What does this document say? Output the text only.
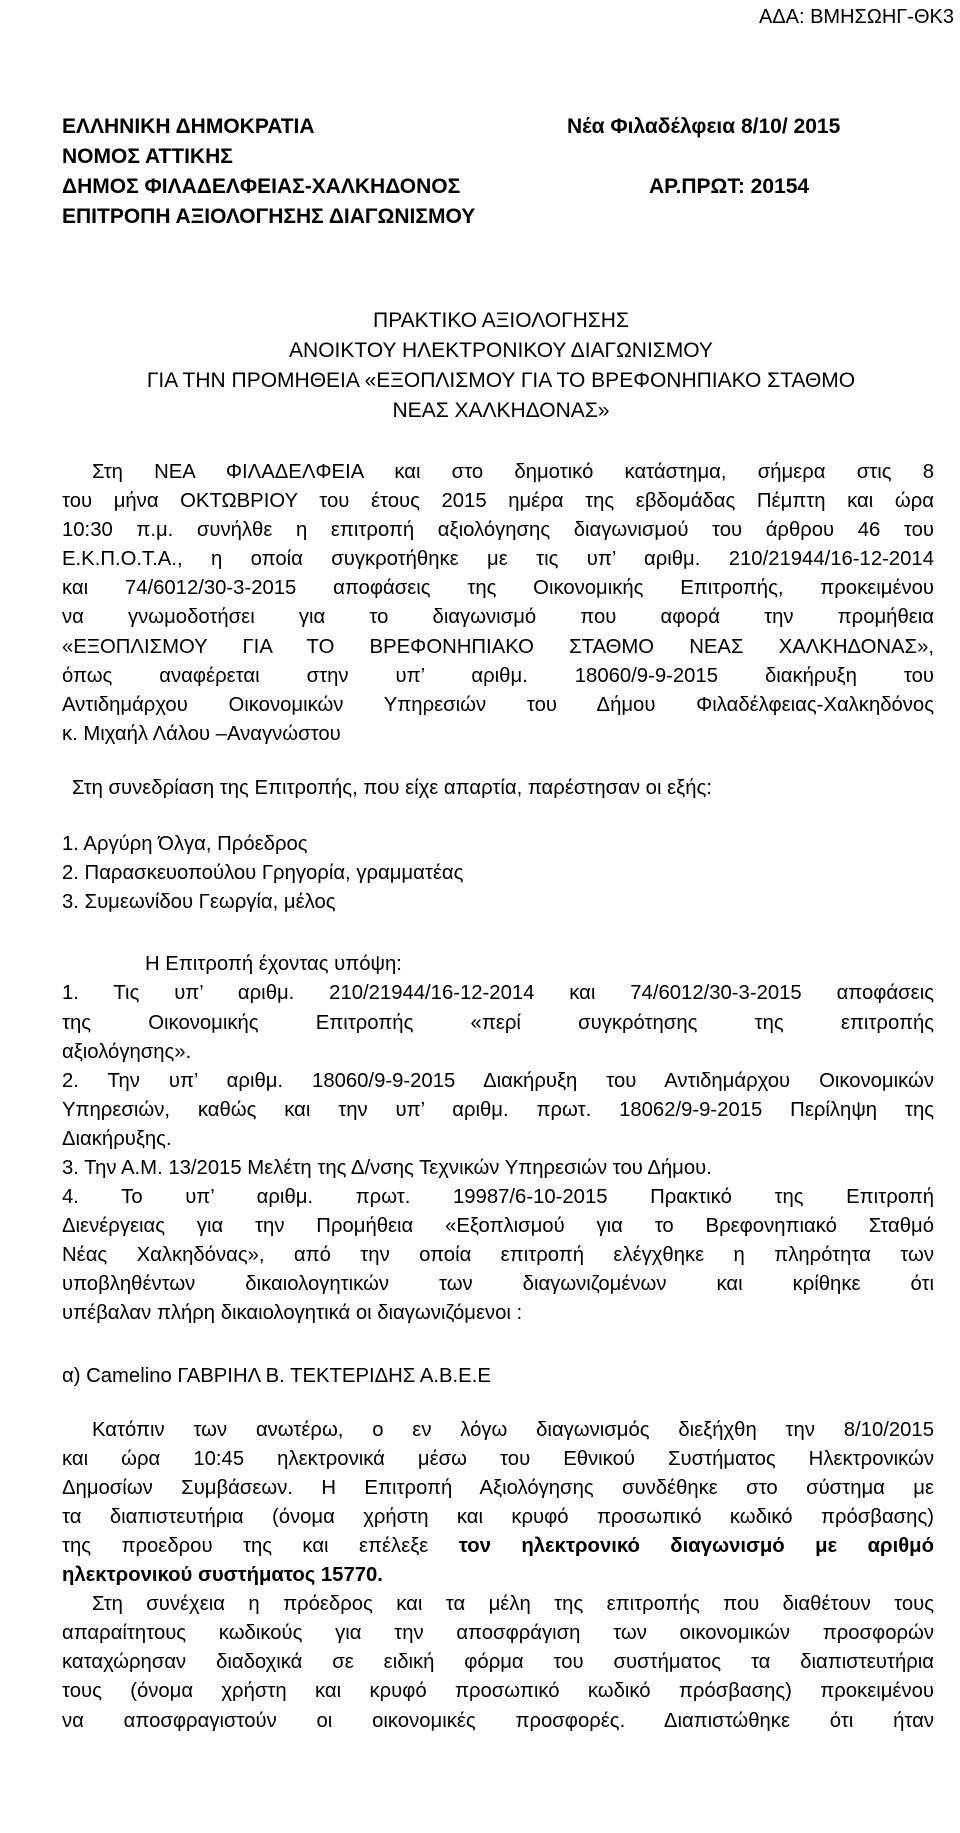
ΑΔΑ: ΒΜΗΣΩΗΓ-ΘΚ3
ΕΛΛΗΝΙΚΗ ΔΗΜΟΚΡΑΤΙΑ	Νέα Φιλαδέλφεια 8/10/ 2015
ΝΟΜΟΣ ΑΤΤΙΚΗΣ
ΔΗΜΟΣ ΦΙΛΑΔΕΛΦΕΙΑΣ-ΧΑΛΚΗΔΟΝΟΣ	ΑΡ.ΠΡΩΤ: 20154
ΕΠΙΤΡΟΠΗ ΑΞΙΟΛΟΓΗΣΗΣ ΔΙΑΓΩΝΙΣΜΟΥ
ΠΡΑΚΤΙΚΟ ΑΞΙΟΛΟΓΗΣΗΣ
ΑΝΟΙΚΤΟΥ ΗΛΕΚΤΡΟΝΙΚΟΥ ΔΙΑΓΩΝΙΣΜΟΥ
ΓΙΑ ΤΗΝ ΠΡΟΜΗΘΕΙΑ «ΕΞΟΠΛΙΣΜΟΥ ΓΙΑ ΤΟ ΒΡΕΦΟΝΗΠΙΑΚΟ ΣΤΑΘΜΟ
ΝΕΑΣ ΧΑΛΚΗΔΟΝΑΣ»

Στη ΝΕΑ ΦΙΛΑΔΕΛΦΕΙΑ και στο δημοτικό κατάστημα, σήμερα στις 8

του μήνα ΟΚΤΩΒΡΙΟΥ του έτους 2015 ημέρα της εβδομάδας Πέμπτη και ώρα

10:30 π.μ. συνήλθε η επιτροπή αξιολόγησης διαγωνισμού του άρθρου 46 του

Ε.Κ.Π.Ο.Τ.Α., η οποία συγκροτήθηκε με τις υπ’ αριθμ. 210/21944/16-12-2014

και 74/6012/30-3-2015 αποφάσεις της Οικονομικής Επιτροπής, προκειμένου

να γνωμοδοτήσει για το διαγωνισμό που αφορά την προμήθεια

«ΕΞΟΠΛΙΣΜΟΥ ΓΙΑ ΤΟ ΒΡΕΦΟΝΗΠΙΑΚΟ ΣΤΑΘΜΟ ΝΕΑΣ ΧΑΛΚΗΔΟΝΑΣ»,

όπως αναφέρεται στην υπ’ αριθμ. 18060/9-9-2015 διακήρυξη του

Αντιδημάρχου Οικονομικών Υπηρεσιών του Δήμου Φιλαδέλφειας-Χαλκηδόνος

κ. Μιχαήλ Λάλου –Αναγνώστου

Στη συνεδρίαση της Επιτροπής, που είχε απαρτία, παρέστησαν οι εξής:

1. Αργύρη Όλγα, Πρόεδρος

2. Παρασκευοπούλου Γρηγορία, γραμματέας

3. Συμεωνίδου Γεωργία, μέλος

Η Επιτροπή έχοντας υπόψη:

1. Τις υπ’ αριθμ. 210/21944/16-12-2014 και 74/6012/30-3-2015 αποφάσεις

της Οικονομικής Επιτροπής «περί συγκρότησης της επιτροπής

αξιολόγησης».

2. Την υπ’ αριθμ. 18060/9-9-2015 Διακήρυξη του Αντιδημάρχου Οικονομικών

Υπηρεσιών, καθώς και την υπ’ αριθμ. πρωτ. 18062/9-9-2015 Περίληψη της

Διακήρυξης.

3. Την Α.Μ. 13/2015 Μελέτη της Δ/νσης Τεχνικών Υπηρεσιών του Δήμου.

4. Το υπ’ αριθμ. πρωτ. 19987/6-10-2015 Πρακτικό της Επιτροπή

Διενέργειας για την Προμήθεια «Εξοπλισμού για το Βρεφονηπιακό Σταθμό

Νέας Χαλκηδόνας», από την οποία επιτροπή ελέγχθηκε η πληρότητα των

υποβληθέντων δικαιολογητικών των διαγωνιζομένων και κρίθηκε ότι

υπέβαλαν πλήρη δικαιολογητικά οι διαγωνιζόμενοι :

α) Camelino ΓΑΒΡΙΗΛ Β. ΤΕΚΤΕΡΙΔΗΣ Α.Β.Ε.Ε

Κατόπιν των ανωτέρω, ο εν λόγω διαγωνισμός διεξήχθη την 8/10/2015

και ώρα 10:45 ηλεκτρονικά μέσω του Εθνικού Συστήματος Ηλεκτρονικών

Δημοσίων Συμβάσεων. Η Επιτροπή Αξιολόγησης συνδέθηκε στο σύστημα με

τα διαπιστευτήρια (όνομα χρήστη και κρυφό προσωπικό κωδικό πρόσβασης)

της προεδρου της και επέλεξε τον ηλεκτρονικό διαγωνισμό με αριθμό

ηλεκτρονικού συστήματος 15770.

Στη συνέχεια η πρόεδρος και τα μέλη της επιτροπής που διαθέτουν τους

απαραίτητους κωδικούς για την αποσφράγιση των οικονομικών προσφορών

καταχώρησαν διαδοχικά σε ειδική φόρμα του συστήματος τα διαπιστευτήρια

τους (όνομα χρήστη και κρυφό προσωπικό κωδικό πρόσβασης) προκειμένου

να αποσφραγιστούν οι οικονομικές προσφορές. Διαπιστώθηκε ότι ήταν
